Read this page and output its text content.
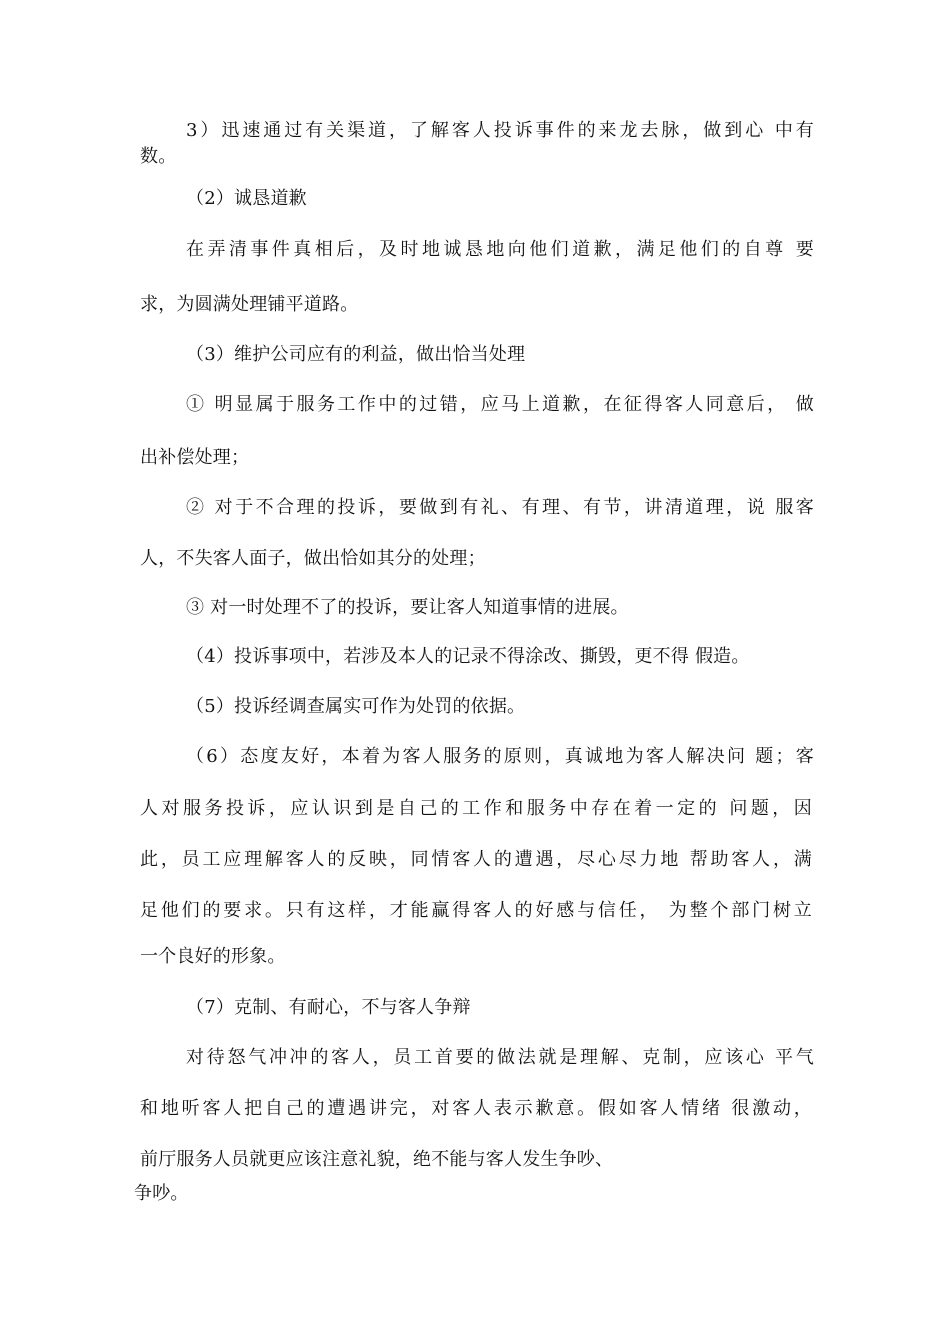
3）迅速通过有关渠道，了解客人投诉事件的来龙去脉，做到心 中有
数。
（2）诚恳道歉
在弄清事件真相后，及时地诚恳地向他们道歉，满足他们的自尊 要
求，为圆满处理铺平道路。
（3）维护公司应有的利益，做出恰当处理
① 明显属于服务工作中的过错，应马上道歉，在征得客人同意后， 做
出补偿处理；
② 对于不合理的投诉，要做到有礼、有理、有节，讲清道理，说 服客
人，不失客人面子，做出恰如其分的处理；
③ 对一时处理不了的投诉，要让客人知道事情的进展。
（4）投诉事项中，若涉及本人的记录不得涂改、撕毁，更不得 假造。
（5）投诉经调查属实可作为处罚的依据。
（6）态度友好，本着为客人服务的原则，真诚地为客人解决问 题；客
人对服务投诉，应认识到是自己的工作和服务中存在着一定的 问题，因
此，员工应理解客人的反映，同情客人的遭遇，尽心尽力地 帮助客人，满
足他们的要求。只有这样，才能赢得客人的好感与信任， 为整个部门树立
一个良好的形象。
（7）克制、有耐心，不与客人争辩
对待怒气冲冲的客人，员工首要的做法就是理解、克制，应该心 平气
和地听客人把自己的遭遇讲完，对客人表示歉意。假如客人情绪 很激动，
前厅服务人员就更应该注意礼貌，绝不能与客人发生争吵、
争吵。
